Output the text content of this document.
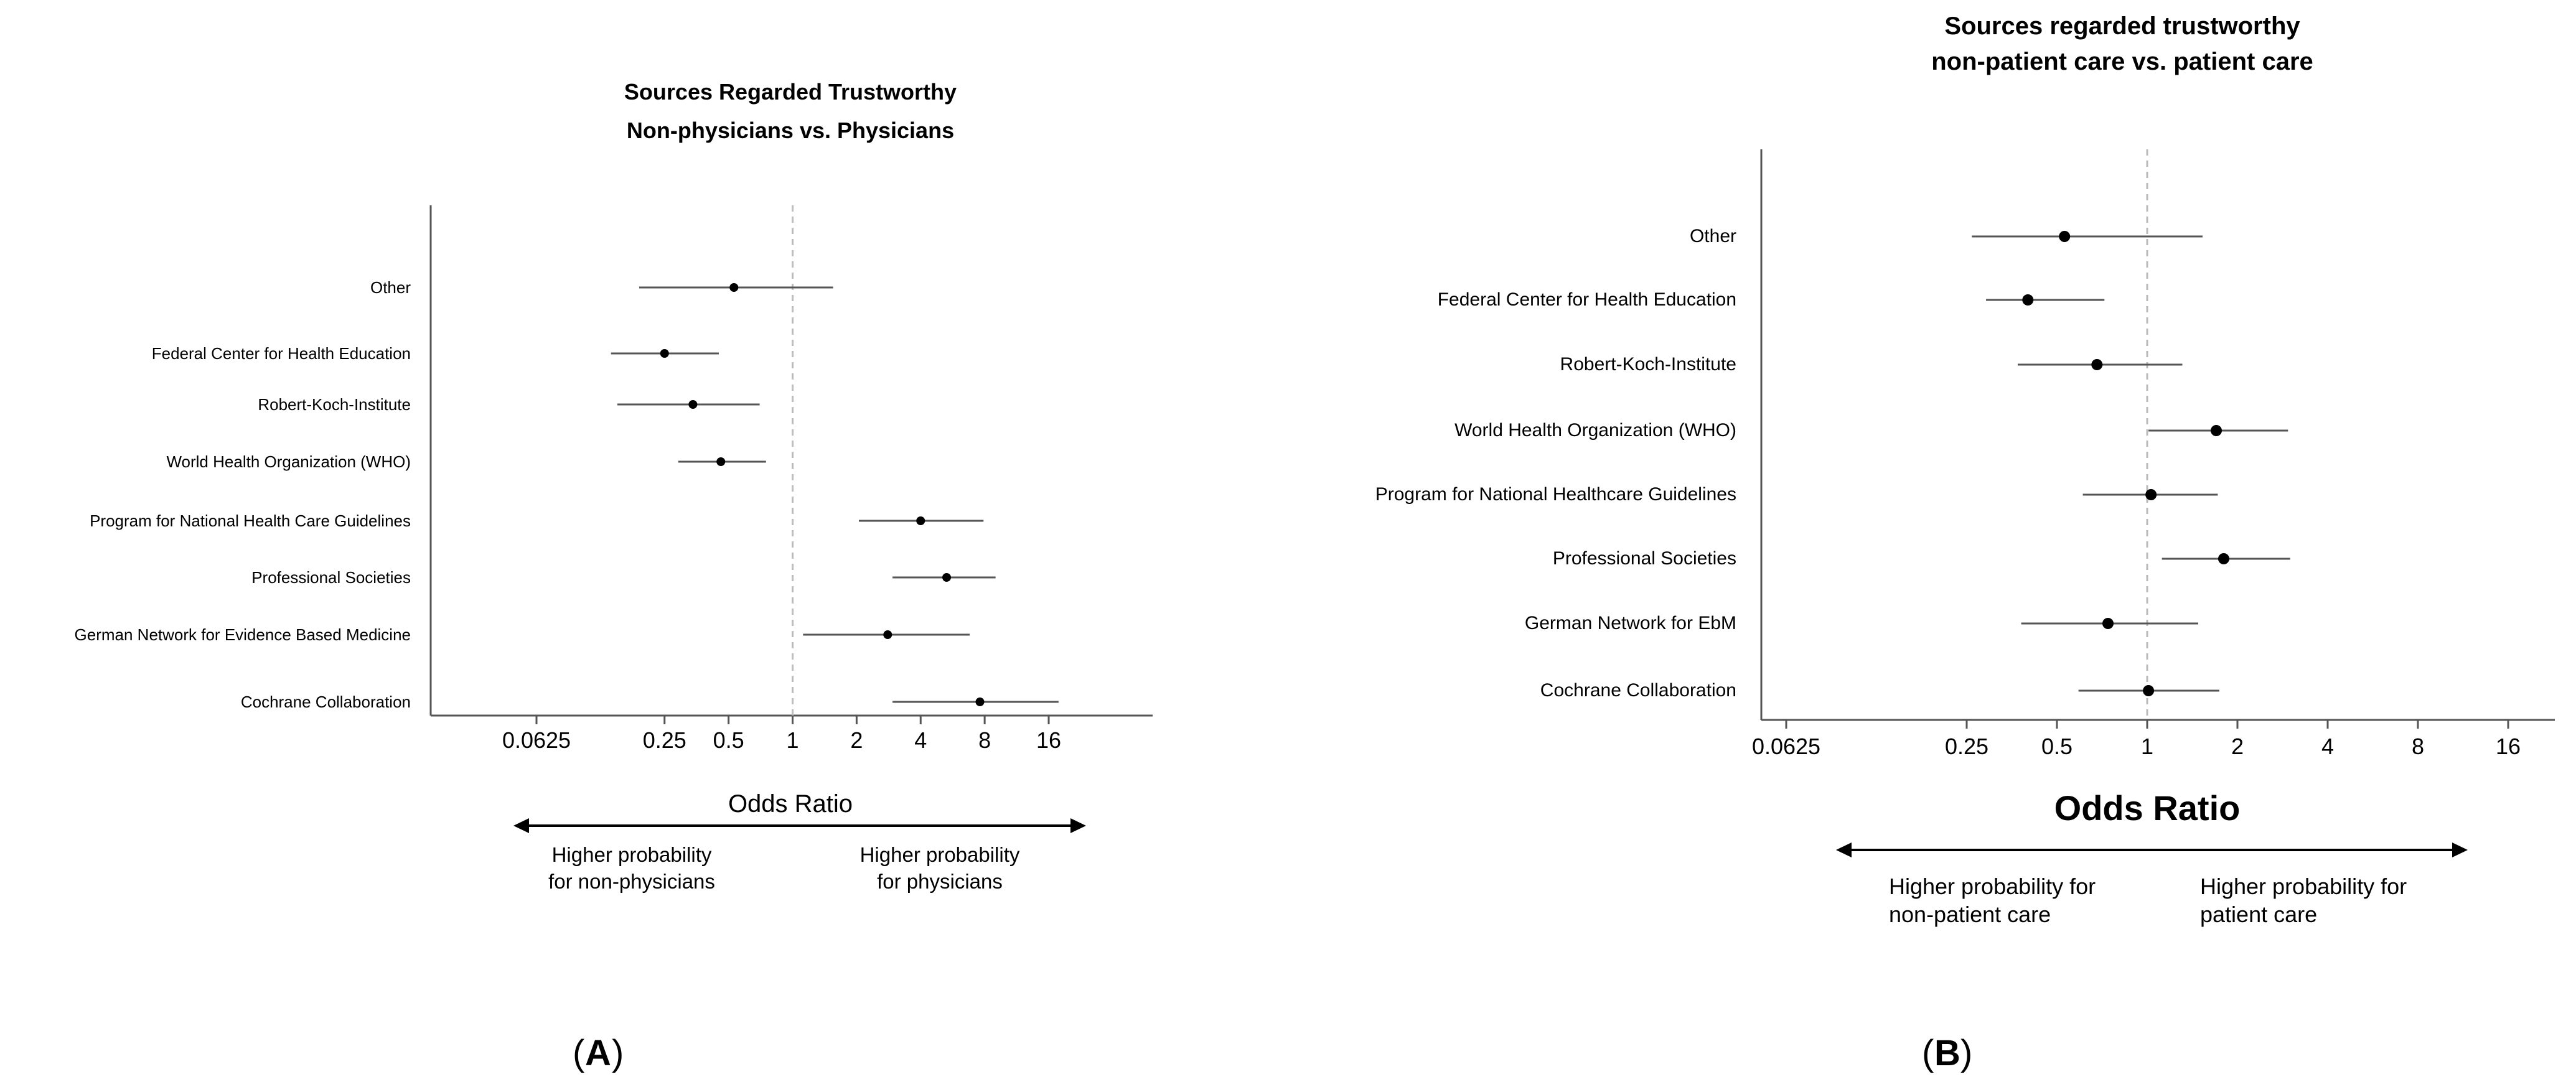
Sources Regarded Trustworthy
Non-physicians vs. Physicians
0.0625	0.25 0.5 1 2 4 8 16
Other
Federal Center for Health Education
Robert-Koch-Institute
World Health Organization (WHO)
Program for National Health Care Guidelines
Professional Societies
German Network for Evidence Based Medicine
Cochrane Collaboration
Odds Ratio
Higher probability
for non-physicians
Higher probability
for physicians
( A )
Sources regarded trustworthy
non-patient care vs. patient care
0.0625	0.25 0.5	1	2	4	8	16
Other
Federal Center for Health Education
Robert-Koch-Institute
World Health Organization (WHO)
Program for National Healthcare Guidelines
Professional Societies
German Network for EbM
Cochrane Collaboration
Odds Ratio
Higher probability for
non-patient care
Higher probability for
patient care
( B )
